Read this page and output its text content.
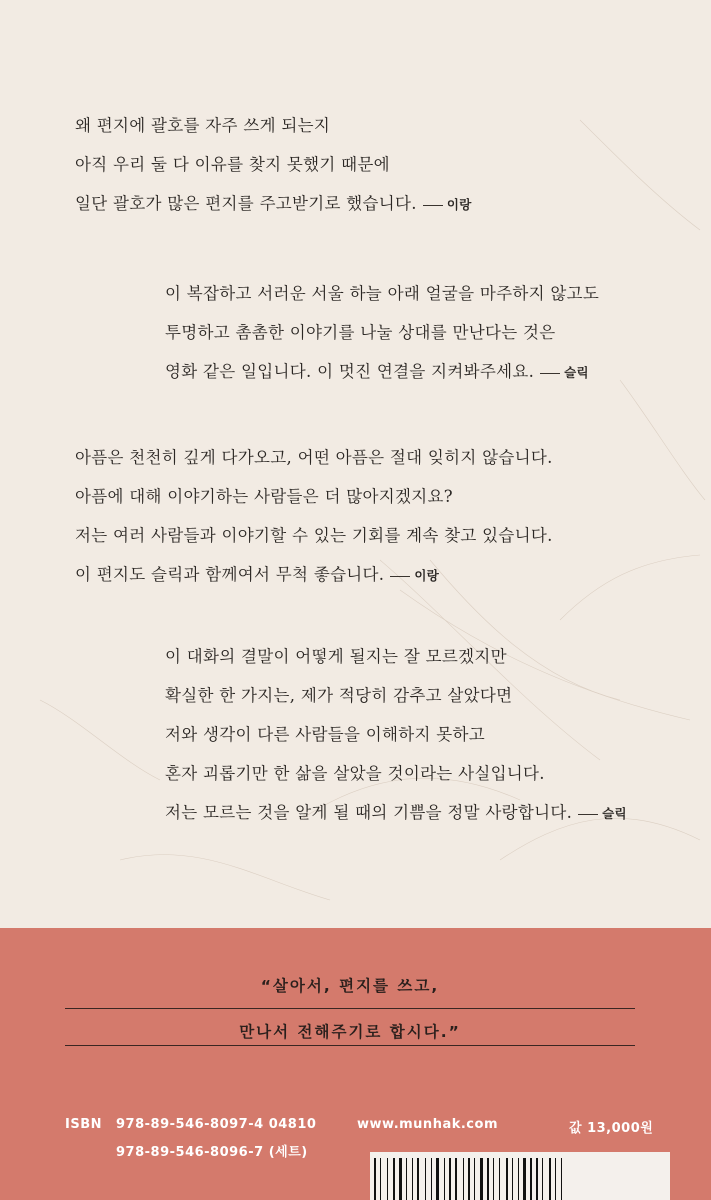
왜 편지에 괄호를 자주 쓰게 되는지
아직 우리 둘 다 이유를 찾지 못했기 때문에
일단 괄호가 많은 편지를 주고받기로 했습니다. 이랑
이 복잡하고 서러운 서울 하늘 아래 얼굴을 마주하지 않고도
투명하고 촘촘한 이야기를 나눌 상대를 만난다는 것은
영화 같은 일입니다. 이 멋진 연결을 지켜봐주세요. 슬릭
아픔은 천천히 깊게 다가오고, 어떤 아픔은 절대 잊히지 않습니다.
아픔에 대해 이야기하는 사람들은 더 많아지겠지요?
저는 여러 사람들과 이야기할 수 있는 기회를 계속 찾고 있습니다.
이 편지도 슬릭과 함께여서 무척 좋습니다. 이랑
이 대화의 결말이 어떻게 될지는 잘 모르겠지만
확실한 한 가지는, 제가 적당히 감추고 살았다면
저와 생각이 다른 사람들을 이해하지 못하고
혼자 괴롭기만 한 삶을 살았을 것이라는 사실입니다.
저는 모르는 것을 알게 될 때의 기쁨을 정말 사랑합니다. 슬릭
“살아서, 편지를 쓰고,
만나서 전해주기로 합시다.”
ISBN 978-89-546-8097-4 04810
978-89-546-8096-7 (세트)
www.munhak.com	값 13,000원
